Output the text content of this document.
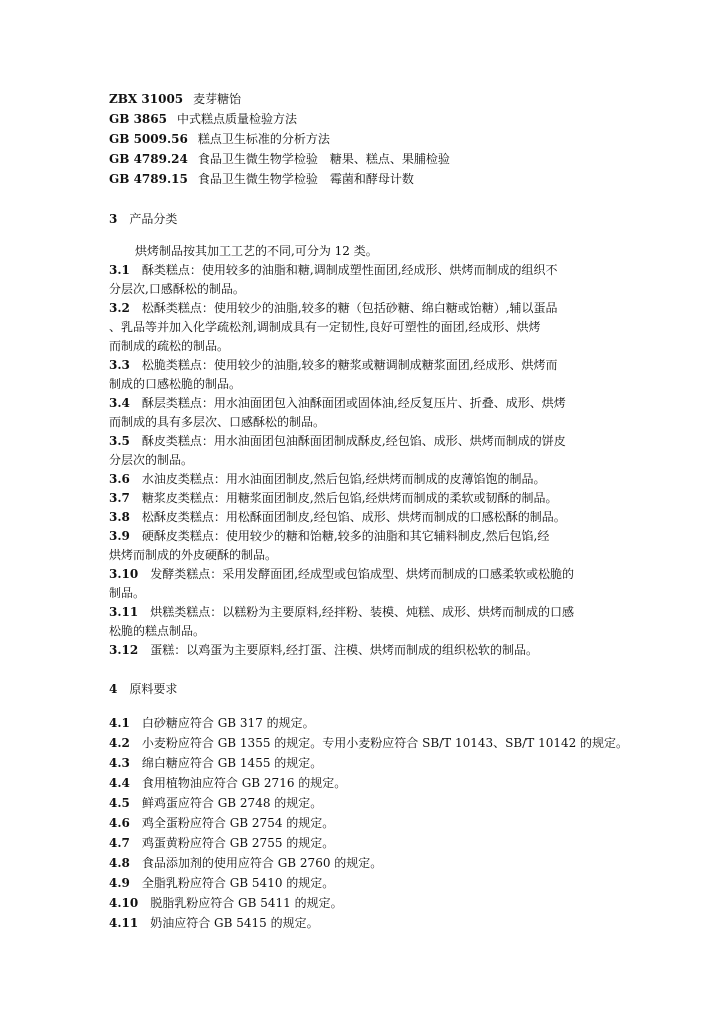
ZBX 31005 麦芽糖饴
GB 3865 中式糕点质量检验方法
GB 5009.56 糕点卫生标准的分析方法
GB 4789.24 食品卫生微生物学检验　糖果、糕点、果脯检验
GB 4789.15 食品卫生微生物学检验　霉菌和酵母计数
3 产品分类
烘烤制品按其加工工艺的不同,可分为 12 类。
3.1 酥类糕点：使用较多的油脂和糖,调制成塑性面团,经成形、烘烤而制成的组织不
分层次,口感酥松的制品。
3.2 松酥类糕点：使用较少的油脂,较多的糖（包括砂糖、绵白糖或饴糖）,辅以蛋品
、乳品等并加入化学疏松剂,调制成具有一定韧性,良好可塑性的面团,经成形、烘烤
而制成的疏松的制品。
3.3 松脆类糕点：使用较少的油脂,较多的糖浆或糖调制成糖浆面团,经成形、烘烤而
制成的口感松脆的制品。
3.4 酥层类糕点：用水油面团包入油酥面团或固体油,经反复压片、折叠、成形、烘烤
而制成的具有多层次、口感酥松的制品。
3.5 酥皮类糕点：用水油面团包油酥面团制成酥皮,经包馅、成形、烘烤而制成的饼皮
分层次的制品。
3.6 水油皮类糕点：用水油面团制皮,然后包馅,经烘烤而制成的皮薄馅饱的制品。
3.7 糖浆皮类糕点：用糖浆面团制皮,然后包馅,经烘烤而制成的柔软或韧酥的制品。
3.8 松酥皮类糕点：用松酥面团制皮,经包馅、成形、烘烤而制成的口感松酥的制品。
3.9 硬酥皮类糕点：使用较少的糖和饴糖,较多的油脂和其它辅料制皮,然后包馅,经
烘烤而制成的外皮硬酥的制品。
3.10 发酵类糕点：采用发酵面团,经成型或包馅成型、烘烤而制成的口感柔软或松脆的
制品。
3.11 烘糕类糕点：以糕粉为主要原料,经拌粉、装模、炖糕、成形、烘烤而制成的口感
松脆的糕点制品。
3.12 蛋糕：以鸡蛋为主要原料,经打蛋、注模、烘烤而制成的组织松软的制品。
4 原料要求
4.1 白砂糖应符合 GB 317 的规定。
4.2 小麦粉应符合 GB 1355 的规定。专用小麦粉应符合 SB/T 10143、SB/T 10142 的规定。
4.3 绵白糖应符合 GB 1455 的规定。
4.4 食用植物油应符合 GB 2716 的规定。
4.5 鲜鸡蛋应符合 GB 2748 的规定。
4.6 鸡全蛋粉应符合 GB 2754 的规定。
4.7 鸡蛋黄粉应符合 GB 2755 的规定。
4.8 食品添加剂的使用应符合 GB 2760 的规定。
4.9 全脂乳粉应符合 GB 5410 的规定。
4.10 脱脂乳粉应符合 GB 5411 的规定。
4.11 奶油应符合 GB 5415 的规定。
